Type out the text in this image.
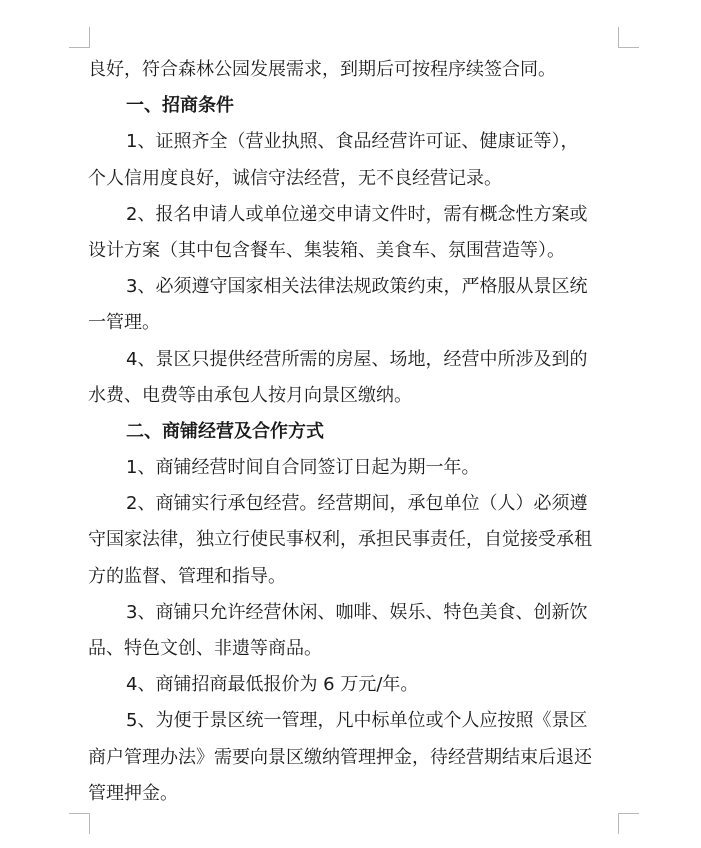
良好，符合森林公园发展需求，到期后可按程序续签合同。
一、招商条件
1、证照齐全（营业执照、食品经营许可证、健康证等），
个人信用度良好，诚信守法经营，无不良经营记录。
2、报名申请人或单位递交申请文件时，需有概念性方案或
设计方案（其中包含餐车、集装箱、美食车、氛围营造等）。
3、必须遵守国家相关法律法规政策约束，严格服从景区统
一管理。
4、景区只提供经营所需的房屋、场地，经营中所涉及到的
水费、电费等由承包人按月向景区缴纳。
二、商铺经营及合作方式
1、商铺经营时间自合同签订日起为期一年。
2、商铺实行承包经营。经营期间，承包单位（人）必须遵
守国家法律，独立行使民事权利，承担民事责任，自觉接受承租
方的监督、管理和指导。
3、商铺只允许经营休闲、咖啡、娱乐、特色美食、创新饮
品、特色文创、非遗等商品。
4、商铺招商最低报价为 6 万元/年。
5、为便于景区统一管理，凡中标单位或个人应按照《景区
商户管理办法》需要向景区缴纳管理押金，待经营期结束后退还
管理押金。
